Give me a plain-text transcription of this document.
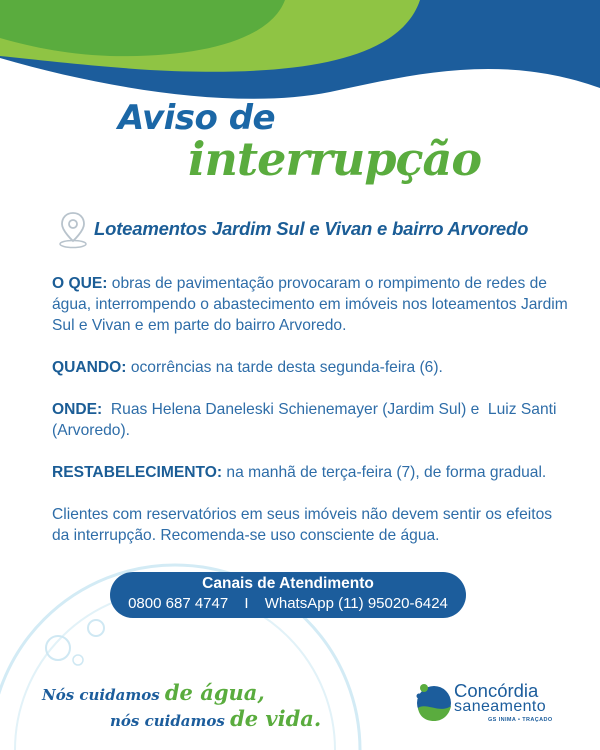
Aviso de
interrupção
Loteamentos Jardim Sul e Vivan e bairro Arvoredo

O QUE: obras de pavimentação provocaram o rompimento de redes de água, interrompendo o abastecimento em imóveis nos loteamentos Jardim Sul e Vivan e em parte do bairro Arvoredo.

QUANDO: ocorrências na tarde desta segunda-feira (6).

ONDE:  Ruas Helena Daneleski Schienemayer (Jardim Sul) e  Luiz Santi (Arvoredo).

RESTABELECIMENTO: na manhã de terça-feira (7), de forma gradual.

Clientes com reservatórios em seus imóveis não devem sentir os efeitos da interrupção. Recomenda-se uso consciente de água.

Canais de Atendimento
0800 687 4747 I WhatsApp (11) 95020-6424
Nós cuidamos de água,
nós cuidamos de vida.
Concórdia
saneamento
GS INIMA • TRAÇADO
